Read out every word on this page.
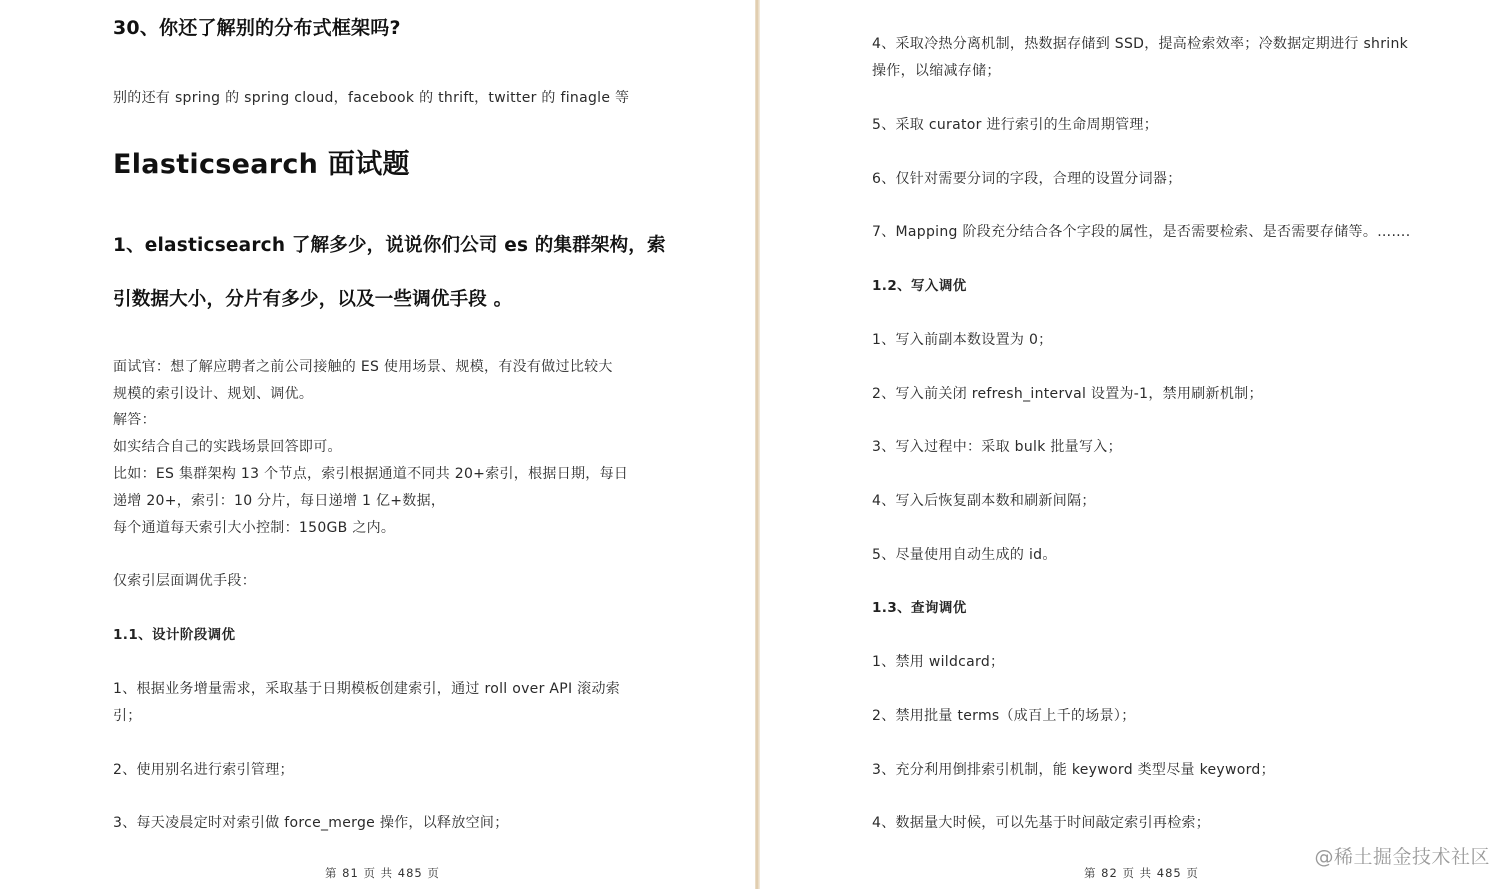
30、你还了解别的分布式框架吗?
别的还有 spring 的 spring cloud，facebook 的 thrift，twitter 的 finagle 等
Elasticsearch 面试题
1、elasticsearch 了解多少，说说你们公司 es 的集群架构，索
引数据大小，分片有多少，以及一些调优手段 。
面试官：想了解应聘者之前公司接触的 ES 使用场景、规模，有没有做过比较大
规模的索引设计、规划、调优。
解答：
如实结合自己的实践场景回答即可。
比如：ES 集群架构 13 个节点，索引根据通道不同共 20+索引，根据日期，每日
递增 20+，索引：10 分片，每日递增 1 亿+数据，
每个通道每天索引大小控制：150GB 之内。
仅索引层面调优手段：
1.1、设计阶段调优
1、根据业务增量需求，采取基于日期模板创建索引，通过 roll over API 滚动索
引；
2、使用别名进行索引管理；
3、每天凌晨定时对索引做 force_merge 操作，以释放空间；
第 81 页 共 485 页
4、采取冷热分离机制，热数据存储到 SSD，提高检索效率；冷数据定期进行 shrink
操作，以缩减存储；
5、采取 curator 进行索引的生命周期管理；
6、仅针对需要分词的字段，合理的设置分词器；
7、Mapping 阶段充分结合各个字段的属性，是否需要检索、是否需要存储等。…….
1.2、写入调优
1、写入前副本数设置为 0；
2、写入前关闭 refresh_interval 设置为-1，禁用刷新机制；
3、写入过程中：采取 bulk 批量写入；
4、写入后恢复副本数和刷新间隔；
5、尽量使用自动生成的 id。
1.3、查询调优
1、禁用 wildcard；
2、禁用批量 terms（成百上千的场景）；
3、充分利用倒排索引机制，能 keyword 类型尽量 keyword；
4、数据量大时候，可以先基于时间敲定索引再检索；
第 82 页 共 485 页
@稀土掘金技术社区
